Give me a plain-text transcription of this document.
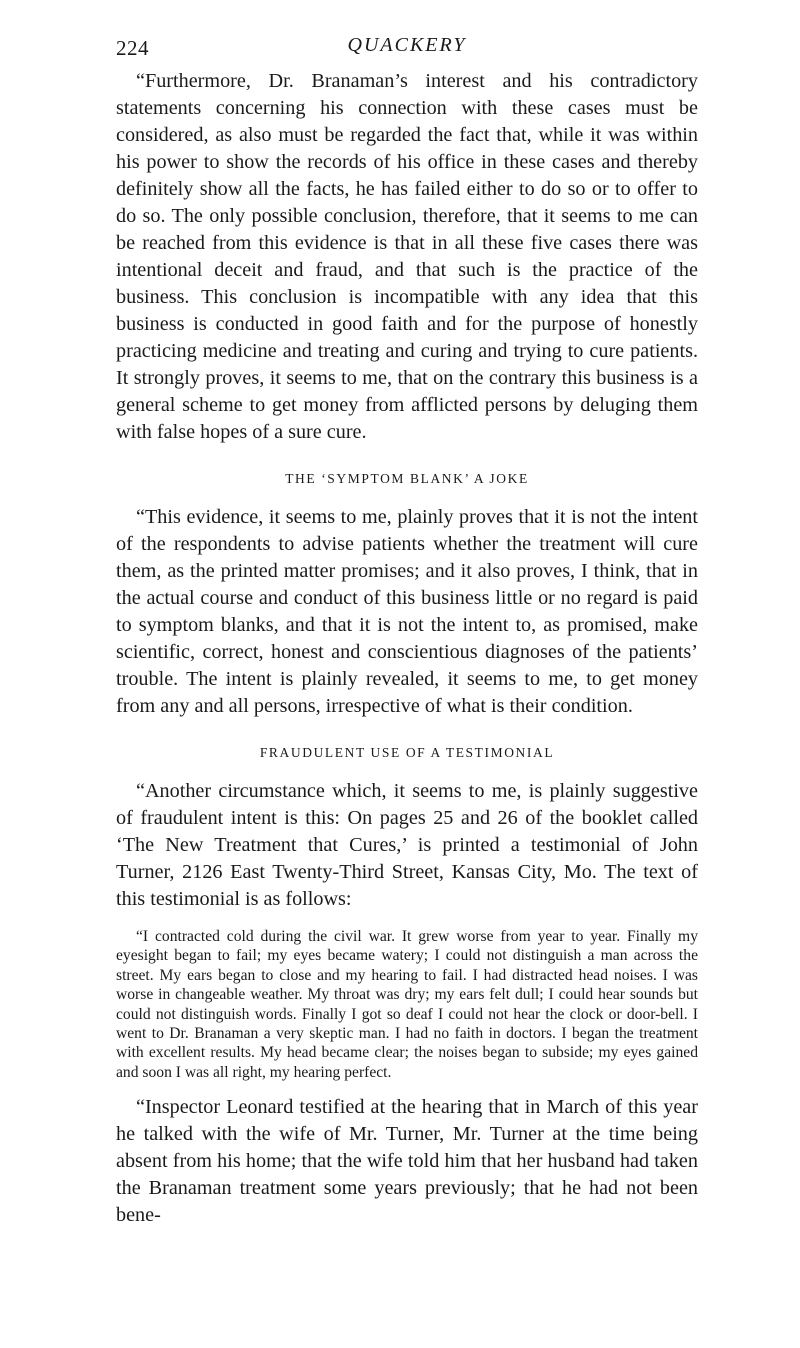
224	QUACKERY

“Furthermore, Dr. Branaman’s interest and his contradictory statements concerning his connection with these cases must be considered, as also must be regarded the fact that, while it was within his power to show the records of his office in these cases and thereby definitely show all the facts, he has failed either to do so or to offer to do so. The only possible conclusion, therefore, that it seems to me can be reached from this evidence is that in all these five cases there was intentional deceit and fraud, and that such is the practice of the business. This conclusion is incompatible with any idea that this business is conducted in good faith and for the purpose of honestly practicing medicine and treating and curing and trying to cure patients. It strongly proves, it seems to me, that on the contrary this business is a general scheme to get money from afflicted persons by deluging them with false hopes of a sure cure.

THE ‘SYMPTOM BLANK’ A JOKE

“This evidence, it seems to me, plainly proves that it is not the intent of the respondents to advise patients whether the treatment will cure them, as the printed matter promises; and it also proves, I think, that in the actual course and conduct of this business little or no regard is paid to symptom blanks, and that it is not the intent to, as promised, make scientific, correct, honest and conscientious diagnoses of the patients’ trouble. The intent is plainly revealed, it seems to me, to get money from any and all persons, irrespective of what is their condition.

FRAUDULENT USE OF A TESTIMONIAL

“Another circumstance which, it seems to me, is plainly suggestive of fraudulent intent is this: On pages 25 and 26 of the booklet called ‘The New Treatment that Cures,’ is printed a testimonial of John Turner, 2126 East Twenty-Third Street, Kansas City, Mo. The text of this testimonial is as follows:

“I contracted cold during the civil war. It grew worse from year to year. Finally my eyesight began to fail; my eyes became watery; I could not distinguish a man across the street. My ears began to close and my hearing to fail. I had distracted head noises. I was worse in changeable weather. My throat was dry; my ears felt dull; I could hear sounds but could not distinguish words. Finally I got so deaf I could not hear the clock or door-bell. I went to Dr. Branaman a very skeptic man. I had no faith in doctors. I began the treatment with excellent results. My head became clear; the noises began to subside; my eyes gained and soon I was all right, my hearing perfect.

“Inspector Leonard testified at the hearing that in March of this year he talked with the wife of Mr. Turner, Mr. Turner at the time being absent from his home; that the wife told him that her husband had taken the Branaman treatment some years previously; that he had not been bene-
